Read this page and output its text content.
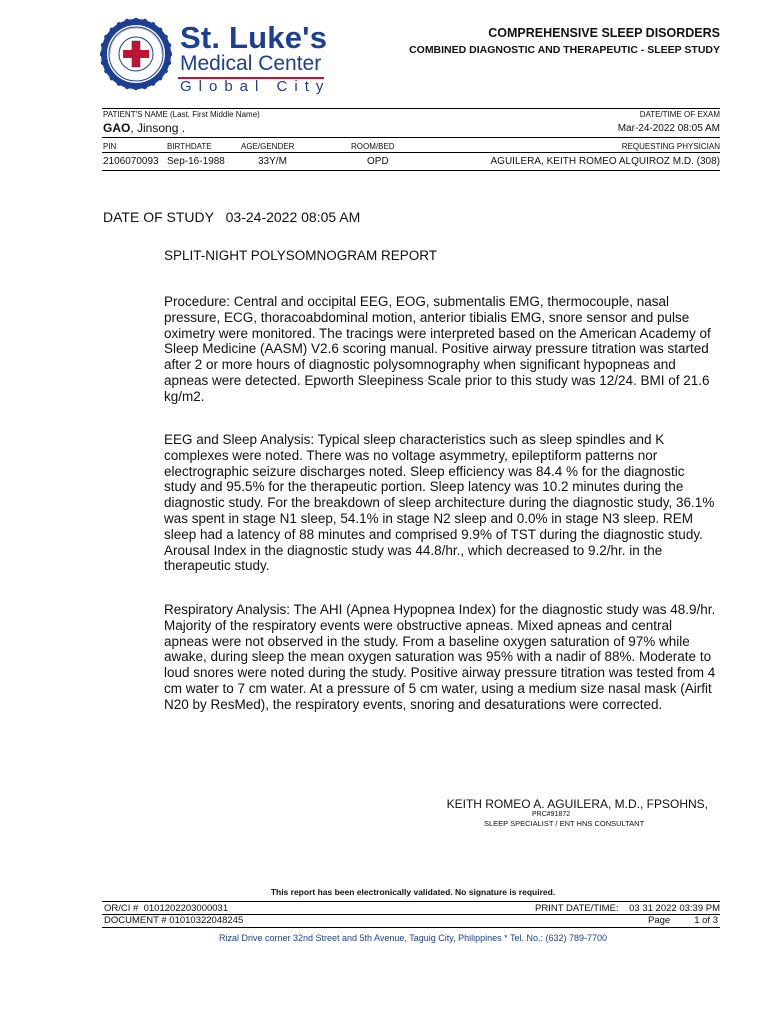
St. Luke's
Medical Center
Global City
COMPREHENSIVE SLEEP DISORDERS
COMBINED DIAGNOSTIC AND THERAPEUTIC - SLEEP STUDY
PATIENT'S NAME (Last, First Middle Name)	DATE/TIME OF EXAM
GAO, Jinsong .	Mar-24-2022 08:05 AM
PIN	BIRTHDATE	AGE/GENDER	ROOM/BED	REQUESTING PHYSICIAN
2106070093 Sep-16-1988	33Y/M	OPD	AGUILERA, KEITH ROMEO ALQUIROZ M.D. (308)
DATE OF STUDY 03-24-2022 08:05 AM
SPLIT-NIGHT POLYSOMNOGRAM REPORT
Procedure: Central and occipital EEG, EOG, submentalis EMG, thermocouple, nasal pressure, ECG, thoracoabdominal motion, anterior tibialis EMG, snore sensor and pulse oximetry were monitored. The tracings were interpreted based on the American Academy of Sleep Medicine (AASM) V2.6 scoring manual. Positive airway pressure titration was started after 2 or more hours of diagnostic polysomnography when significant hypopneas and apneas were detected. Epworth Sleepiness Scale prior to this study was 12/24. BMI of 21.6 kg/m2.
EEG and Sleep Analysis: Typical sleep characteristics such as sleep spindles and K complexes were noted. There was no voltage asymmetry, epileptiform patterns nor electrographic seizure discharges noted. Sleep efficiency was 84.4 % for the diagnostic study and 95.5% for the therapeutic portion. Sleep latency was 10.2 minutes during the diagnostic study. For the breakdown of sleep architecture during the diagnostic study, 36.1% was spent in stage N1 sleep, 54.1% in stage N2 sleep and 0.0% in stage N3 sleep. REM sleep had a latency of 88 minutes and comprised 9.9% of TST during the diagnostic study. Arousal Index in the diagnostic study was 44.8/hr., which decreased to 9.2/hr. in the therapeutic study.
Respiratory Analysis: The AHI (Apnea Hypopnea Index) for the diagnostic study was 48.9/hr. Majority of the respiratory events were obstructive apneas. Mixed apneas and central apneas were not observed in the study. From a baseline oxygen saturation of 97% while awake, during sleep the mean oxygen saturation was 95% with a nadir of 88%. Moderate to loud snores were noted during the study. Positive airway pressure titration was tested from 4 cm water to 7 cm water. At a pressure of 5 cm water, using a medium size nasal mask (Airfit N20 by ResMed), the respiratory events, snoring and desaturations were corrected.
KEITH ROMEO A. AGUILERA, M.D., FPSOHNS,
PRC#91872
SLEEP SPECIALIST / ENT HNS CONSULTANT
This report has been electronically validated. No signature is required.
OR/CI # 0101202203000031	PRINT DATE/TIME: 03 31 2022 03:39 PM
DOCUMENT # 01010322048245	Page	1 of 3
Rizal Drive corner 32nd Street and 5th Avenue, Taguig City, Philippines * Tel. No.: (632) 789-7700
